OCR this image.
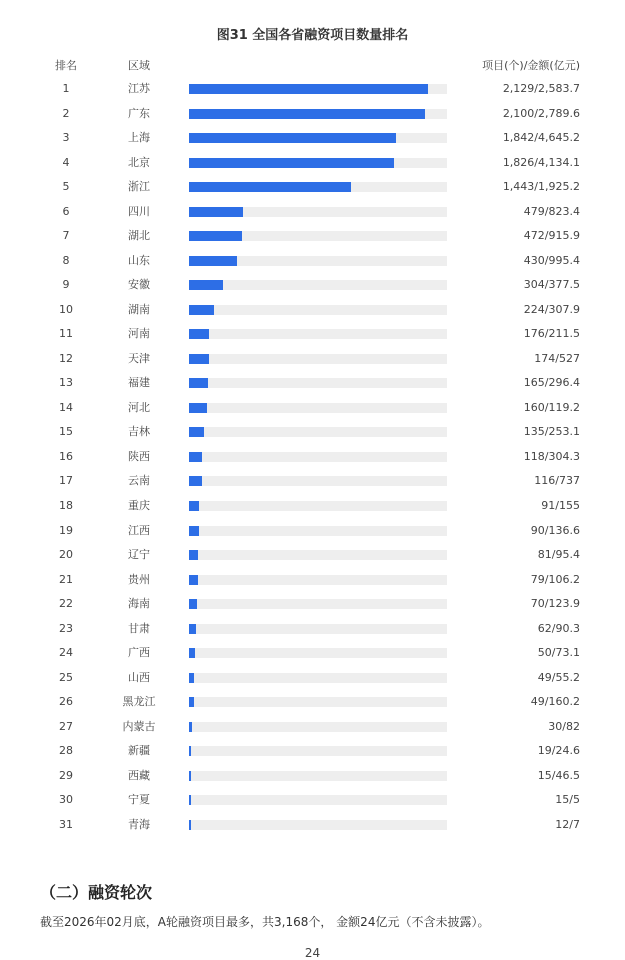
图31 全国各省融资项目数量排名
排名	区域	项目(个)/金额(亿元)
1	江苏	2,129/2,583.7
2	广东	2,100/2,789.6
3	上海	1,842/4,645.2
4	北京	1,826/4,134.1
5	浙江	1,443/1,925.2
6	四川	479/823.4
7	湖北	472/915.9
8	山东	430/995.4
9	安徽	304/377.5
10	湖南	224/307.9
11	河南	176/211.5
12	天津	174/527
13	福建	165/296.4
14	河北	160/119.2
15	吉林	135/253.1
16	陕西	118/304.3
17	云南	116/737
18	重庆	91/155
19	江西	90/136.6
20	辽宁	81/95.4
21	贵州	79/106.2
22	海南	70/123.9
23	甘肃	62/90.3
24	广西	50/73.1
25	山西	49/55.2
26	黑龙江	49/160.2
27	内蒙古	30/82
28	新疆	19/24.6
29	西藏	15/46.5
30	宁夏	15/5
31	青海	12/7
（二）融资轮次
截至2026年02月底，A轮融资项目最多，共3,168个， 金额24亿元（不含未披露）。
24
